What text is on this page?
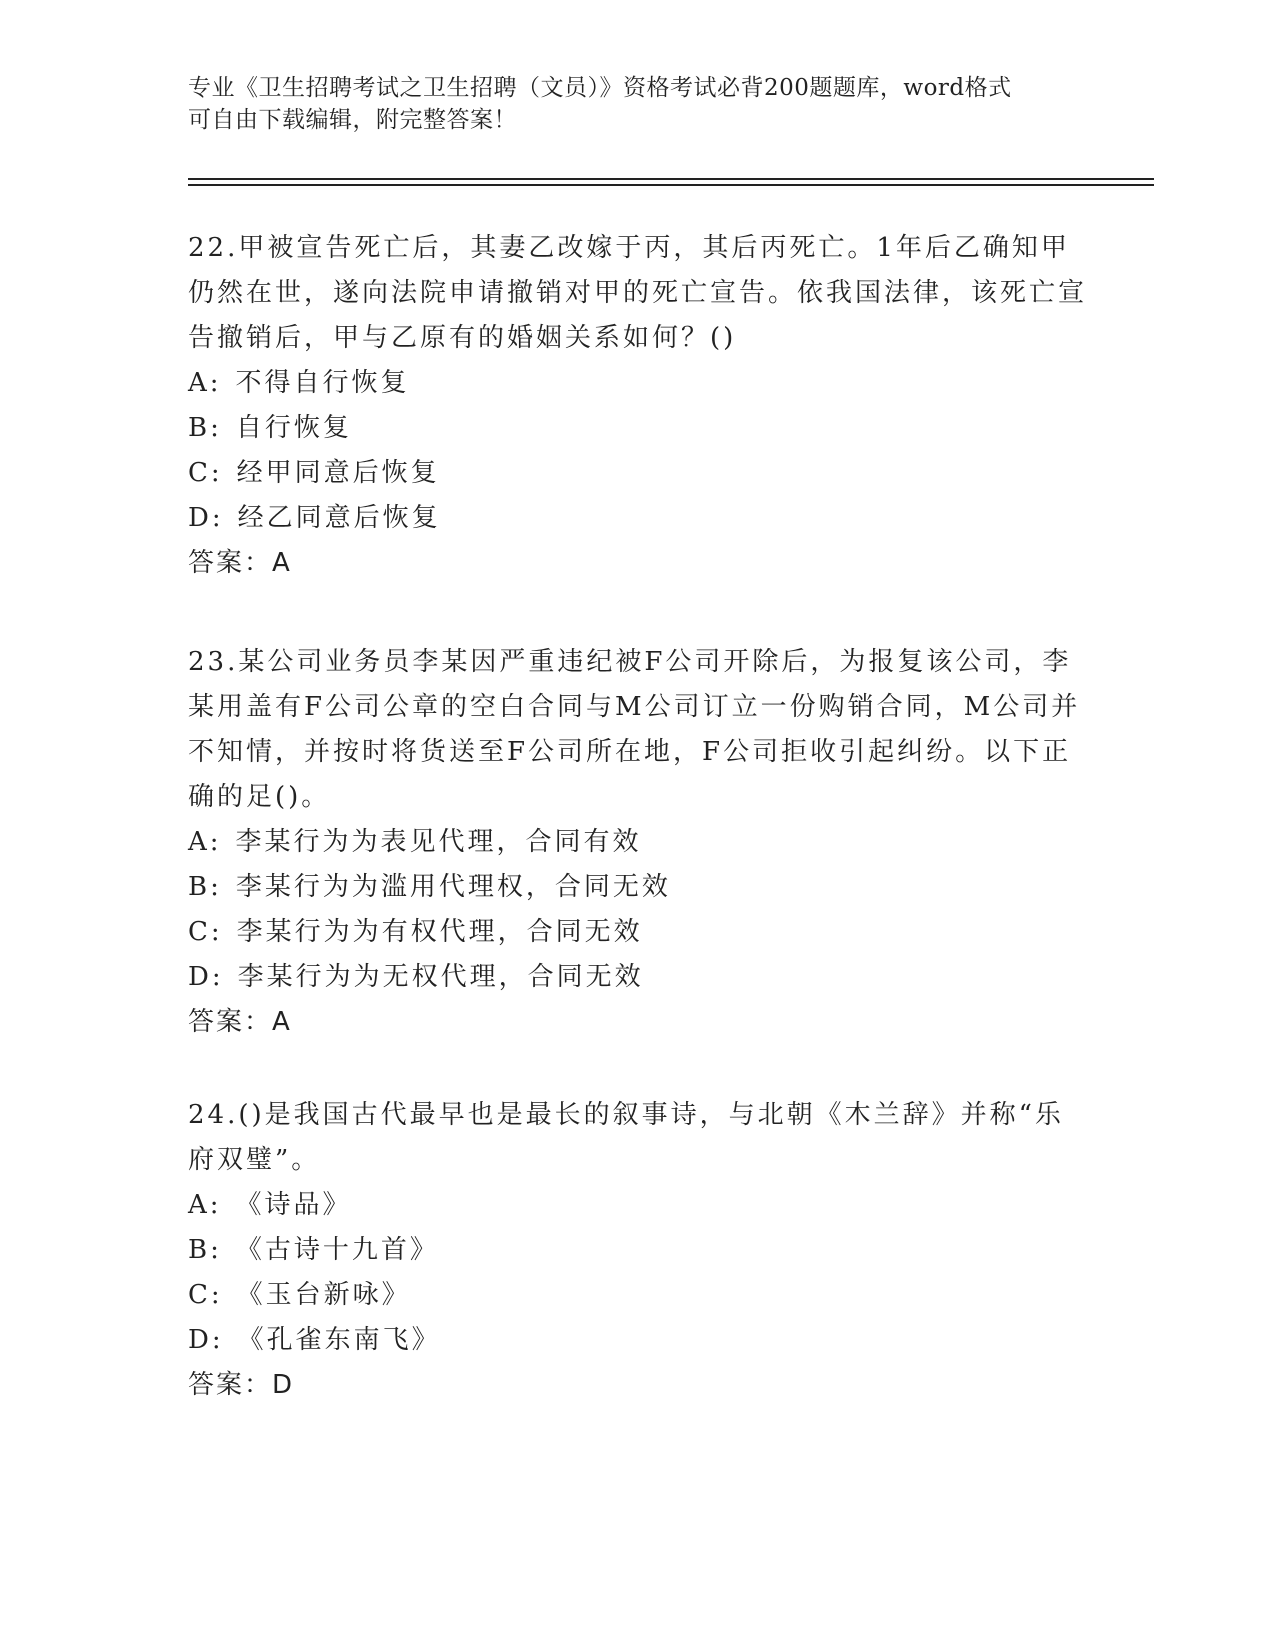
专业《卫生招聘考试之卫生招聘（文员）》资格考试必背200题题库，word格式
可自由下载编辑，附完整答案！

22.甲被宣告死亡后，其妻乙改嫁于丙，其后丙死亡。1年后乙确知甲仍然在世，遂向法院申请撤销对甲的死亡宣告。依我国法律，该死亡宣告撤销后，甲与乙原有的婚姻关系如何？()

A: 不得自行恢复
B: 自行恢复
C: 经甲同意后恢复
D: 经乙同意后恢复

答案：A

23.某公司业务员李某因严重违纪被F公司开除后，为报复该公司，李某用盖有F公司公章的空白合同与M公司订立一份购销合同，M公司并不知情，并按时将货送至F公司所在地，F公司拒收引起纠纷。以下正确的足()。

A: 李某行为为表见代理，合同有效
B: 李某行为为滥用代理权，合同无效
C: 李某行为为有权代理，合同无效
D: 李某行为为无权代理，合同无效

答案：A

24.()是我国古代最早也是最长的叙事诗，与北朝《木兰辞》并称“乐府双璧”。

A: 《诗品》
B: 《古诗十九首》
C: 《玉台新咏》
D: 《孔雀东南飞》

答案：D
